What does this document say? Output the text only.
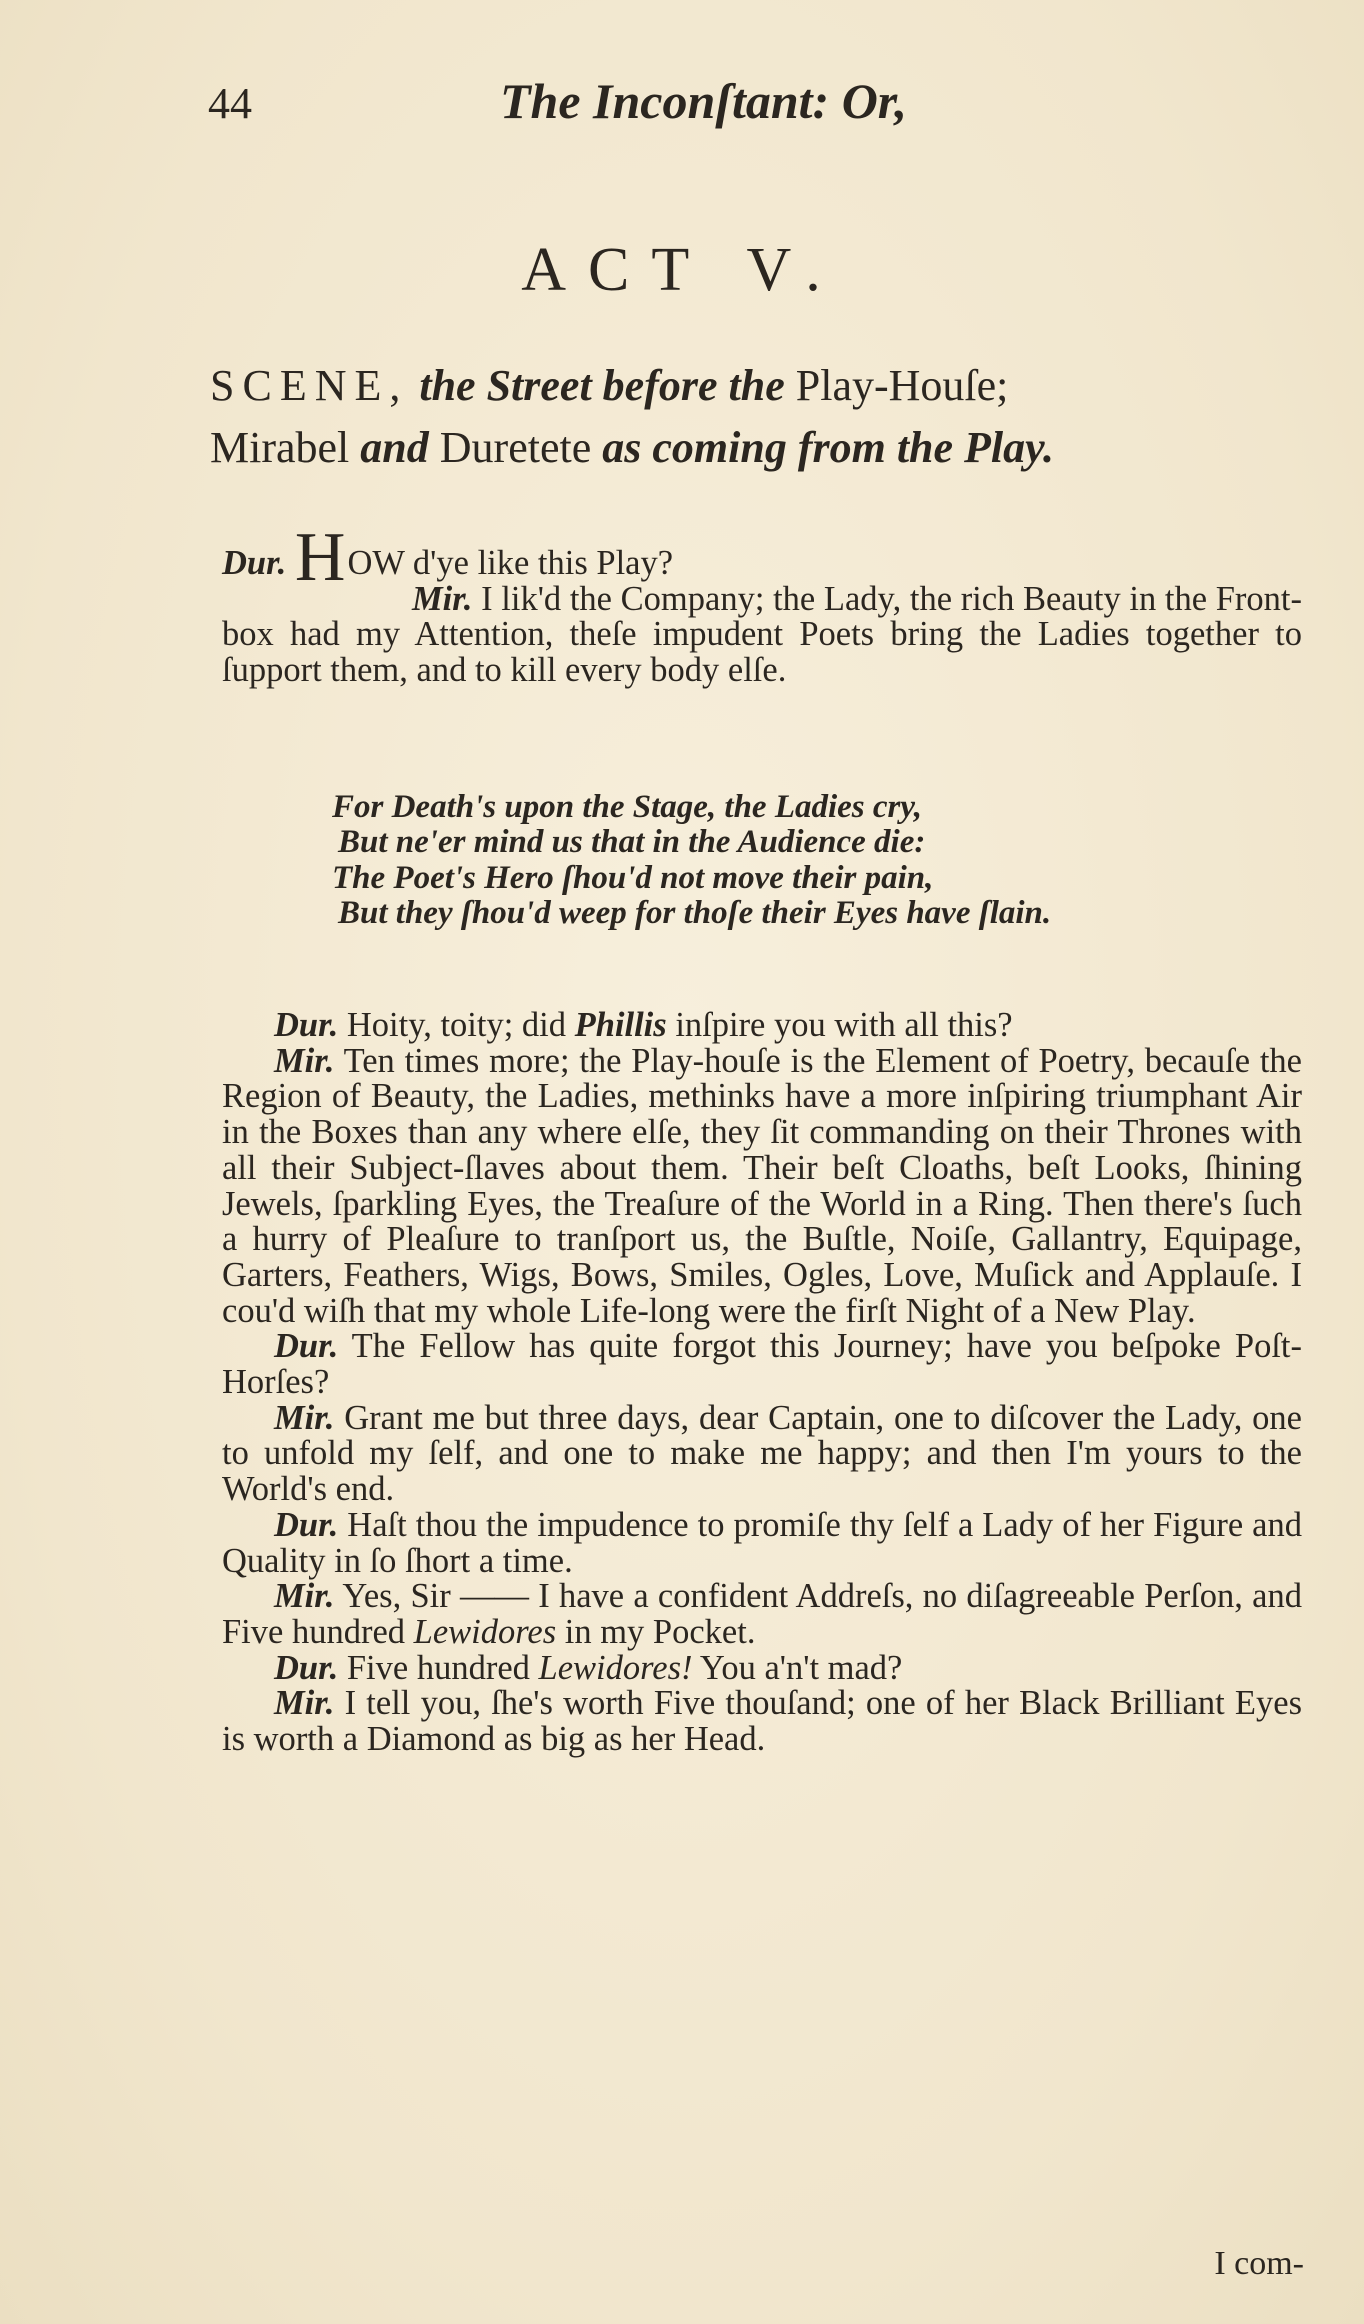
44	The Inconſtant: Or,
ACT V.
SCENE, the Street before the Play-Houſe;
Mirabel and Duretete as coming from the Play.

Dur. HOW d'ye like this Play?
Mir. I lik'd the Company; the Lady, the rich Beauty in the Front-box had my Attention, theſe impudent Poets bring the Ladies together to ſupport them, and to kill every body elſe.

For Death's upon the Stage, the Ladies cry,
But ne'er mind us that in the Audience die:
The Poet's Hero ſhou'd not move their pain,
But they ſhou'd weep for thoſe their Eyes have ſlain.

Dur. Hoity, toity; did Phillis inſpire you with all this?

Mir. Ten times more; the Play-houſe is the Element of Poetry, becauſe the Region of Beauty, the Ladies, methinks have a more inſpiring triumphant Air in the Boxes than any where elſe, they ſit commanding on their Thrones with all their Subject-ſlaves about them. Their beſt Cloaths, beſt Looks, ſhining Jewels, ſparkling Eyes, the Treaſure of the World in a Ring. Then there's ſuch a hurry of Pleaſure to tranſport us, the Buſtle, Noiſe, Gallantry, Equipage, Garters, Feathers, Wigs, Bows, Smiles, Ogles, Love, Muſick and Applauſe. I cou'd wiſh that my whole Life-long were the firſt Night of a New Play.

Dur. The Fellow has quite forgot this Journey; have you beſpoke Poſt-Horſes?

Mir. Grant me but three days, dear Captain, one to diſcover the Lady, one to unfold my ſelf, and one to make me happy; and then I'm yours to the World's end.

Dur. Haſt thou the impudence to promiſe thy ſelf a Lady of her Figure and Quality in ſo ſhort a time.

Mir. Yes, Sir —— I have a confident Addreſs, no diſagreeable Perſon, and Five hundred Lewidores in my Pocket.

Dur. Five hundred Lewidores! You a'n't mad?

Mir. I tell you, ſhe's worth Five thouſand; one of her Black Brilliant Eyes is worth a Diamond as big as her Head.

I com-
